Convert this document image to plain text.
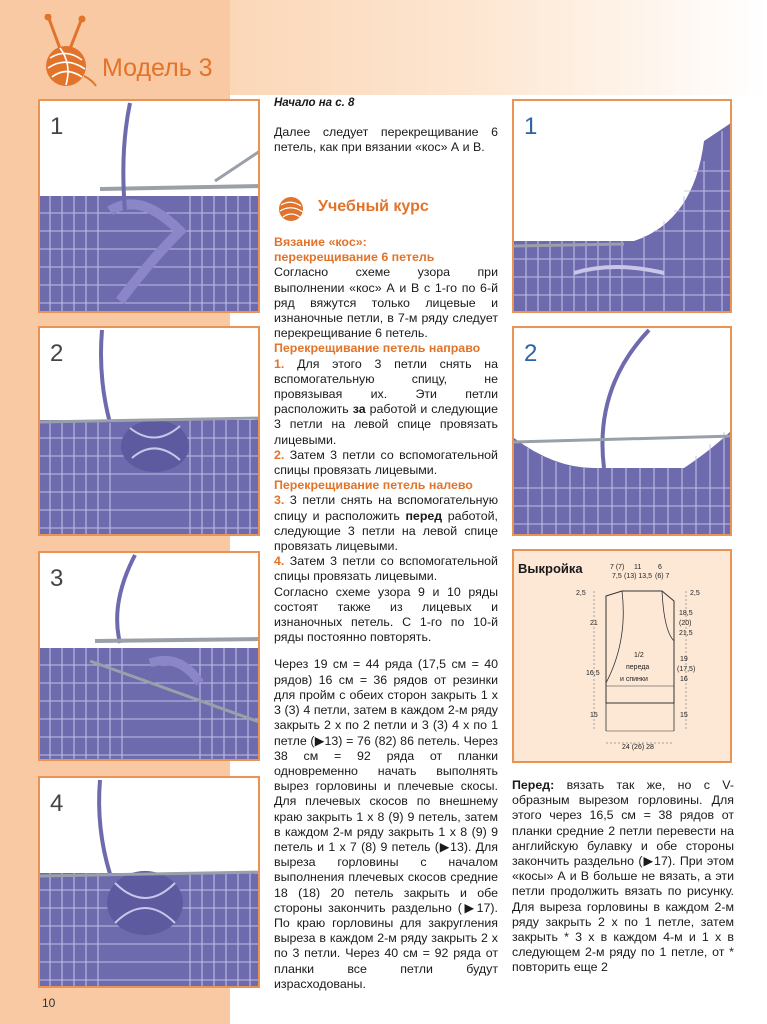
Модель 3
1
2
3
4
1
2
Выкройка	7 (7)
7,5
11
(13) 13,5
6
(6) 7
2,5
21
16,5
15
2,5
18,5
(20)
21,5
19
(17,5)
16
15
1/2
переда
и спинки
24 (26) 28

Начало на с. 8

Далее следует перекрещивание 6 петель, как при вязании «кос» А и В.

Учебный курс

Вязание «кос»:

перекрещивание 6 петель

Согласно схеме узора при выполнении «кос» А и В с 1-го по 6-й ряд вяжутся только лицевые и изнаночные петли, в 7-м ряду следует перекрещивание 6 петель.

Перекрещивание петель направо

1. Для этого 3 петли снять на вспомогательную спицу, не провязывая их. Эти петли расположить за работой и следующие 3 петли на левой спице провязать лицевыми.

2. Затем 3 петли со вспомогательной спицы провязать лицевыми.

Перекрещивание петель налево

3. 3 петли снять на вспомогательную спицу и расположить перед работой, следующие 3 петли на левой спице провязать лицевыми.

4. Затем 3 петли со вспомогательной спицы провязать лицевыми.

Согласно схеме узора 9 и 10 ряды состоят также из лицевых и изнаночных петель. С 1-го по 10-й ряды постоянно повторять.

Через 19 см = 44 ряда (17,5 см = 40 рядов) 16 см = 36 рядов от резинки для пройм с обеих сторон закрыть 1 х 3 (3) 4 петли, затем в каждом 2-м ряду закрыть 2 х по 2 петли и 3 (3) 4 х по 1 петле (▶13) = 76 (82) 86 петель. Через 38 см = 92 ряда от планки одновременно начать выполнять вырез горловины и плечевые скосы. Для плечевых скосов по внешнему краю закрыть 1 х 8 (9) 9 петель, затем в каждом 2-м ряду закрыть 1 х 8 (9) 9 петель и 1 х 7 (8) 9 петель (▶13). Для выреза горловины с началом выполнения плечевых скосов средние 18 (18) 20 петель закрыть и обе стороны закончить раздельно (▶17). По краю горловины для закругления выреза в каждом 2-м ряду закрыть 2 х по 3 петли. Через 40 см = 92 ряда от планки все петли будут израсходованы.

Перед: вязать так же, но с V-образным вырезом горловины. Для этого через 16,5 см = 38 рядов от планки средние 2 петли перевести на английскую булавку и обе стороны закончить раздельно (▶17). При этом «косы» А и В больше не вязать, а эти петли продолжить вязать по рисунку. Для выреза горловины в каждом 2-м ряду закрыть 2 х по 1 петле, затем закрыть * 3 х в каждом 4-м и 1 х в следующем 2-м ряду по 1 петле, от * повторить еще 2

10
